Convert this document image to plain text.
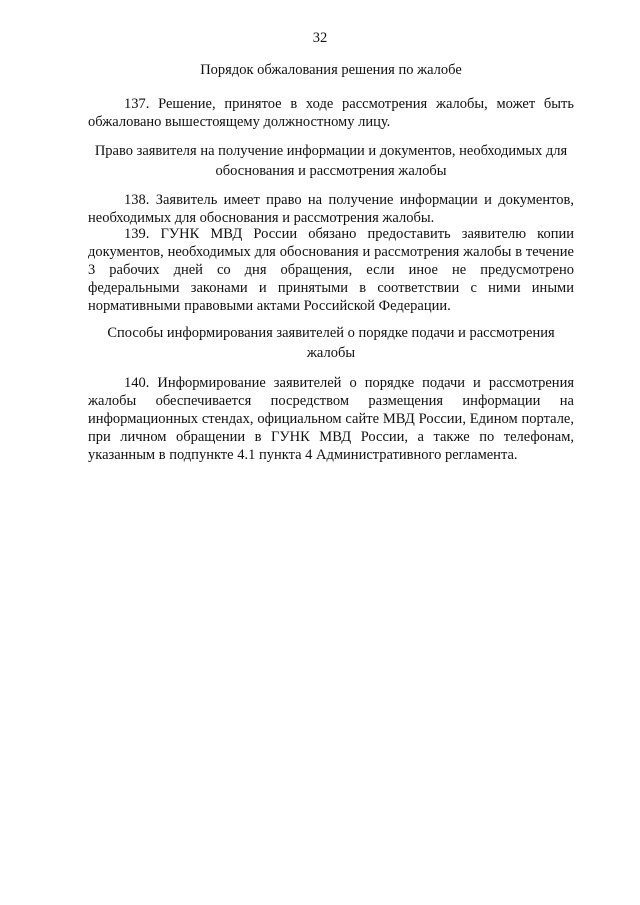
32
Порядок обжалования решения по жалобе
137. Решение, принятое в ходе рассмотрения жалобы, может быть обжаловано вышестоящему должностному лицу.
Право заявителя на получение информации и документов, необходимых для обоснования и рассмотрения жалобы
138. Заявитель имеет право на получение информации и документов, необходимых для обоснования и рассмотрения жалобы.
139. ГУНК МВД России обязано предоставить заявителю копии документов, необходимых для обоснования и рассмотрения жалобы в течение 3 рабочих дней со дня обращения, если иное не предусмотрено федеральными законами и принятыми в соответствии с ними иными нормативными правовыми актами Российской Федерации.
Способы информирования заявителей о порядке подачи и рассмотрения жалобы
140. Информирование заявителей о порядке подачи и рассмотрения жалобы обеспечивается посредством размещения информации на информационных стендах, официальном сайте МВД России, Едином портале, при личном обращении в ГУНК МВД России, а также по телефонам, указанным в подпункте 4.1 пункта 4 Административного регламента.
